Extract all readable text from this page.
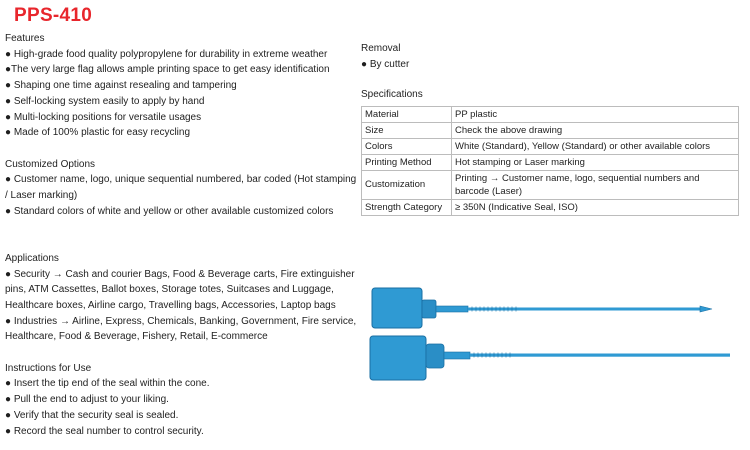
PPS-410

Features

● High-grade food quality polypropylene for durability in extreme weather

●The very large flag allows ample printing space to get easy identification

● Shaping one time against resealing and tampering

● Self-locking system easily to apply by hand

● Multi-locking positions for versatile usages

● Made of 100% plastic for easy recycling

Customized Options

● Customer name, logo, unique sequential numbered, bar coded (Hot stamping / Laser marking)

● Standard colors of white and yellow or other available customized colors

Applications

● Security → Cash and courier Bags, Food & Beverage carts, Fire extinguisher pins, ATM Cassettes, Ballot boxes, Storage totes, Suitcases and Luggage, Healthcare boxes, Airline cargo, Travelling bags, Accessories, Laptop bags

● Industries → Airline, Express, Chemicals, Banking, Government, Fire service, Healthcare, Food & Beverage, Fishery, Retail, E-commerce

Instructions for Use

● Insert the tip end of the seal within the cone.

● Pull the end to adjust to your liking.

● Verify that the security seal is sealed.

● Record the seal number to control security.

Removal

● By cutter

Specifications

Material	PP plastic
Size	Check the above drawing
Colors	White (Standard), Yellow (Standard) or other available colors
Printing Method	Hot stamping or Laser marking
Customization	Printing → Customer name, logo, sequential numbers and barcode (Laser)
Strength Category	≥ 350N (Indicative Seal, ISO)
